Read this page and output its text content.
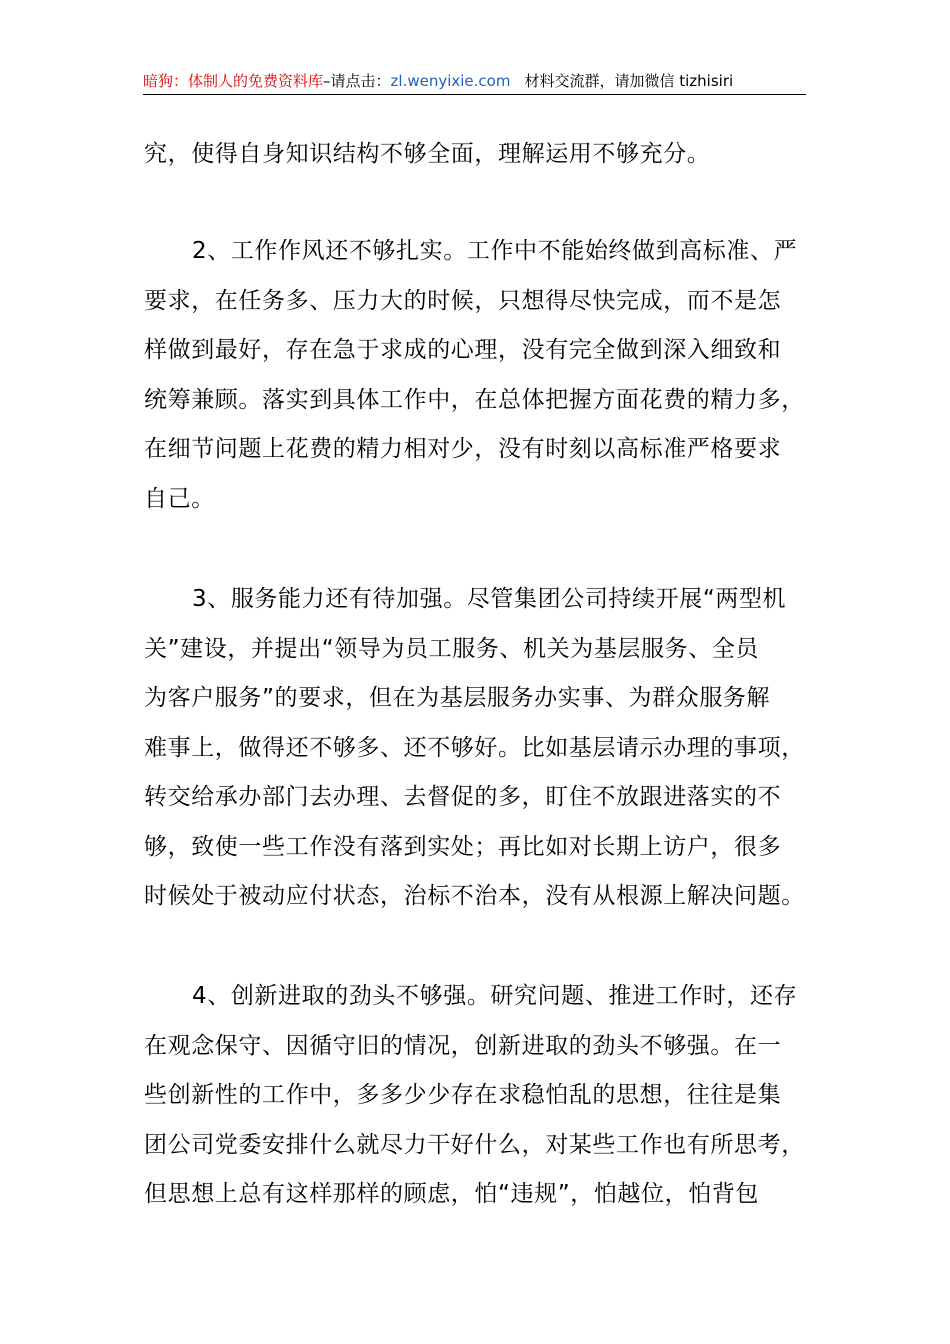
暗狗：体制人的免费资料库–请点击：zl.wenyixie.com 材料交流群，请加微信 tizhisiri
究，使得自身知识结构不够全面，理解运用不够充分。
2、工作作风还不够扎实。工作中不能始终做到高标准、严
要求，在任务多、压力大的时候，只想得尽快完成，而不是怎
样做到最好，存在急于求成的心理，没有完全做到深入细致和
统筹兼顾。落实到具体工作中，在总体把握方面花费的精力多，
在细节问题上花费的精力相对少，没有时刻以高标准严格要求
自己。
3、服务能力还有待加强。尽管集团公司持续开展“两型机
关”建设，并提出“领导为员工服务、机关为基层服务、全员
为客户服务”的要求，但在为基层服务办实事、为群众服务解
难事上，做得还不够多、还不够好。比如基层请示办理的事项，
转交给承办部门去办理、去督促的多，盯住不放跟进落实的不
够，致使一些工作没有落到实处；再比如对长期上访户，很多
时候处于被动应付状态，治标不治本，没有从根源上解决问题。
4、创新进取的劲头不够强。研究问题、推进工作时，还存
在观念保守、因循守旧的情况，创新进取的劲头不够强。在一
些创新性的工作中，多多少少存在求稳怕乱的思想，往往是集
团公司党委安排什么就尽力干好什么，对某些工作也有所思考，
但思想上总有这样那样的顾虑，怕“违规”，怕越位，怕背包
